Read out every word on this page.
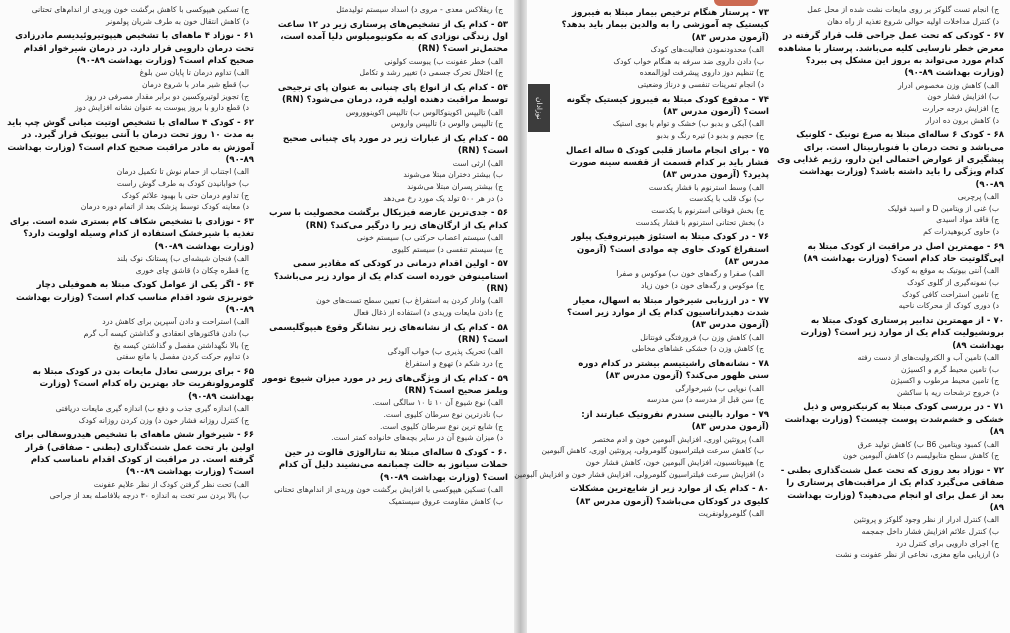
ج) ریفلاکس معدی - مروی د) اسداد سیستم تولیدمثل
۵۳ - کدام یک از تشخیص‌های پرستاری زیر در ۱۲ ساعت اول زندگی نوزادی که به مکونیومیلوس دلیا آمده است، محتمل‌تر است؟ (RN)
الف) خطر عفونت ب) یبوست کولونی
ج) اختلال تحرک جسمی د) تغییر رشد و تکامل
۵۴ - کدام یک از انواع پای چنبانی به عنوان پای ترجیحی توسط مراقبت دهنده اولیه فرد، درمان می‌شود؟ (RN)
الف) تالیپس اکوینوکالوس ب) تالیپس اکوینووروس
ج) تالیپس والوس د) تالیپس واروس
۵۵ - کدام یک از عبارات زیر در مورد پای چنبانی صحیح است؟ (RN)
الف) ارثی است
ب) بیشتر دختران مبتلا می‌شوند
ج) بیشتر پسران مبتلا می‌شوند
د) در هر ۵۰۰ تولد یک مورد رخ می‌دهد
۵۶ - جدی‌ترین عارضه فیزیکال برگشت محصولیت با سرب کدام یک از ارگان‌های زیر را درگیر می‌کند؟ (RN)
الف) سیستم اعصاب حرکتی ب) سیستم خونی
ج) سیستم تنفسی د) سیستم کلیوی
۵۷ - اولین اقدام درمانی در کودکی که مقادیر سمی استامینوفن خورده است کدام یک از موارد زیر می‌باشد؟ (RN)
الف) وادار کردن به استفراغ ب) تعیین سطح تست‌های خون
ج) دادن مایعات وریدی د) استفاده از ذغال فعال
۵۸ - کدام یک از نشانه‌های زیر نشانگر وقوع هیپوگلیسمی است؟ (RN)
الف) تحریک پذیری ب) خواب آلودگی
ج) درد شکم د) تهوع و استفراغ
۵۹ - کدام یک از ویژگی‌های زیر در مورد میزان شیوع تومور ویلمز صحیح است؟ (RN)
الف) نوع شیوع آن ۱۰ تا ۱۰ سالگی است.
ب) نادرترین نوع سرطان کلیوی است.
ج) شایع ترین نوع سرطان کلیوی است.
د) میزان شیوع آن در سایر بچه‌های خانواده کمتر است.
۶۰ - کودک ۵ ساله‌ای مبتلا به تتارالوژی فالوت در حین حملات سیانوز به حالت چمباتمه می‌نشیند دلیل آن کدام است؟ (وزارت بهداشت ۸۹-۹۰)
الف) تسکین هیپوکسی با افزایش برگشت خون وریدی از اندام‌های تحتانی
ب) کاهش مقاومت عروق سیستمیک
ج) تسکین هیپوکسی با کاهش برگشت خون وریدی از اندام‌های تحتانی
د) کاهش انتقال خون به طرف شریان پولمونر
۶۱ - نوزاد ۴ ماهه‌ای با تشخیص هیپوتیروئیدیسم مادرزادی تحت درمان دارویی قرار دارد. در درمان شیرخوار اقدام صحیح کدام است؟ (وزارت بهداشت ۸۹-۹۰)
الف) تداوم درمان تا پایان سن بلوغ
ب) قطع شیر مادر با شروع درمان
ج) تجویز لوتیروکسین دو برابر مقدار مصرفی در روز
د) قطع دارو با بروز یبوست به عنوان نشانه افزایش دوز
۶۲ - کودک ۴ ساله‌ای با تشخیص اوتیت میانی گوش چپ باید به مدت ۱۰ روز تحت درمان با آنتی بیوتیک قرار گیرد. در آموزش به مادر مراقبت صحیح کدام است؟ (وزارت بهداشت ۸۹-۹۰)
الف) اجتناب از حمام نوش تا تکمیل درمان
ب) خوابانیدن کودک به طرف گوش راست
ج) تداوم درمان حتی با بهبود علائم کودک
د) معاینه کودک توسط پزشک بعد از اتمام دوره درمان
۶۳ - نوزادی با تشخیص شکاف کام بستری شده است. برای تغذیه با شیرخشک استفاده از کدام وسیله اولویت دارد؟ (وزارت بهداشت ۸۹-۹۰)
الف) فنجان شیشه‌ای ب) پستانک نوک بلند
ج) قطره چکان د) قاشق چای خوری
۶۴ - اگر یکی از عوامل کودک مبتلا به هموفیلی دچار خونریزی شود اقدام مناسب کدام است؟ (وزارت بهداشت ۸۹-۹۰)
الف) استراحت و دادن آسپرین برای کاهش درد
ب) دادن فاکتورهای انعقادی و گذاشتن کیسه آب گرم
ج) بالا نگهداشتن مفصل و گذاشتن کیسه یخ
د) تداوم حرکت کردن مفصل با مانع سفتی
۶۵ - برای بررسی تعادل مایعات بدن در کودک مبتلا به گلومرولونفریت حاد بهترین راه کدام است؟ (وزارت بهداشت ۸۹-۹۰)
الف) اندازه گیری جذب و دفع ب) اندازه گیری مایعات دریافتی
ج) کنترل روزانه فشار خون د) وزن کردن روزانه کودک
۶۶ - شیرخوار شش ماهه‌ای با تشخیص هیدروسفالی برای اولین بار تحت عمل شنت‌گذاری (بطنی - صفاقی) قرار گرفته است. در مراقبت از کودک اقدام نامناسب کدام است؟ (وزارت بهداشت ۸۹-۹۰)
الف) تحت نظر گرفتن کودک از نظر علایم عفونت
ب) بالا بردن سر تخت به اندازه ۳۰ درجه بلافاصله بعد از جراحی
ج) انجام تست گلوکز بر روی مایعات نشت شده از محل عمل
د) کنترل مداخلات اولیه حوالی شروع تغذیه از راه دهان
۶۷ - کودکی که تحت عمل جراحی قلب قرار گرفته در معرض خطر نارسایی کلیه می‌باشد. پرستار با مشاهده کدام مورد می‌تواند به بروز این مشکل پی ببرد؟ (وزارت بهداشت ۸۹-۹۰)
الف) کاهش وزن مخصوص ادرار
ب) افزایش فشار خون
ج) افزایش درجه حرارت
د) کاهش برون ده ادرار
۶۸ - کودک ۶ ساله‌ای مبتلا به صرع تونیک - کلونیک می‌باشد و تحت درمان با فنوباربیتال است. برای پیشگیری از عوارض احتمالی این دارو، رژیم غذایی وی کدام ویژگی را باید داشته باشد؟ (وزارت بهداشت ۸۹-۹۰)
الف) پرچربی
ب) غنی از ویتامین D و اسید فولیک
ج) فاقد مواد اسیدی
د) حاوی کربوهیدرات کم
۶۹ - مهمترین اصل در مراقبت از کودک مبتلا به اپی‌گلوتیت حاد کدام است؟ (وزارت بهداشت ۸۹)
الف) آنتی بیوتیک به موقع به کودک
ب) نمونه‌گیری از گلوی کودک
ج) تامین استراحت کافی کودک
د) دوری کودک از محرکات ناحیه
۷۰ - از مهمترین تدابیر پرستاری کودک مبتلا به برونشیولیت کدام یک از موارد زیر است؟ (وزارت بهداشت ۸۹)
الف) تامین آب و الکترولیت‌های از دست رفته
ب) تامین محیط گرم و اکسیژن
ج) تامین محیط مرطوب و اکسیژن
د) خروج ترشحات ریه با ساکشن
۷۱ - در بررسی کودک مبتلا به کرنیکتروس و ذیل خشکی و خشم‌شدت پوست چیست؟ (وزارت بهداشت ۸۹)
الف) کمبود ویتامین B6 ب) کاهش تولید عرق
ج) کاهش سطح متابولیسم د) کاهش آلبومین خون
۷۲ - نوزاد بعد روزی که تحت عمل شنت‌گذاری بطنی - صفاقی می‌گیرد کدام یک از مراقبت‌های پرستاری را بعد از عمل برای او انجام می‌دهید؟ (وزارت بهداشت ۸۹)
الف) کنترل ادرار از نظر وجود گلوکز و پروتئین
ب) کنترل علائم افزایش فشار داخل جمجمه
ج) اجرای دارویی برای کنترل درد
د) ارزیابی مانع مغزی، نخاعی از نظر عفونت و نشت
۷۳ - پرستار هنگام ترخیص بیمار مبتلا به فیبروز کیستیک چه آموزشی را به والدین بیمار باید بدهد؟ (آزمون مدرس ۸۳)
الف) محدودنمودن فعالیت‌های کودک
ب) دادن داروی ضد سرفه به هنگام خواب کودک
ج) تنظیم دوز داروی پیشرفت لوزالمعده
د) انجام تمرینات تنفسی و درناژ وضعیتی
۷۴ - مدفوع کودک مبتلا به فیبروز کیستیک چگونه است؟ (آزمون مدرس ۸۳)
الف) آبکی و بدبو ب) خشک و توام با بوی استیک
ج) حجیم و بدبو د) تیره رنگ و بدبو
۷۵ - برای انجام ماساژ قلبی کودک ۵ ساله اعمال فشار باید بر کدام قسمت از قفسه سینه صورت پذیرد؟ (آزمون مدرس ۸۳)
الف) وسط استرنوم با فشار یکدست
ب) نوک قلب با یکدست
ج) بخش فوقانی استرنوم با یکدست
د) بخش تحتانی استرنوم با فشار یکدست
۷۶ - در کودک مبتلا به استئوژ هیپرتروفیک پیلور استفراغ کودک حاوی چه موادی است؟ (آزمون مدرس ۸۳)
الف) صفرا و رگه‌های خون ب) موکوس و صفرا
ج) موکوس و رگه‌های خون د) خون زیاد
۷۷ - در ارزیابی شیرخوار مبتلا به اسهال، معیار شدت دهیدراتاسیون کدام یک از موارد زیر است؟ (آزمون مدرس ۸۳)
الف) کاهش وزن ب) فرورفتگی فونتانل
ج) کاهش وزن د) خشکی غشاهای مخاطی
۷۸ - نشانه‌های راشیتیسم بیشتر در کدام دوره سنی ظهور می‌کند؟ (آزمون مدرس ۸۳)
الف) نوپایی ب) شیرخوارگی
ج) سن قبل از مدرسه د) سن مدرسه
۷۹ - موارد بالینی سندرم نفروتیک عبارتند از: (آزمون مدرس ۸۳)
الف) پروتئین اوری، افزایش آلبومین خون و ادم مختصر
ب) کاهش سرعت فیلتراسیون گلومرولی، پروتئین اوری، کاهش آلبومین
ج) هیپوتانسیون، افزایش آلبومین خون، کاهش فشار خون
د) افزایش سرعت فیلتراسیون گلومرولی، افزایش فشار خون و افزایش آلبومین
۸۰ - کدام یک از موارد زیر از شایع‌ترین مشکلات کلیوی در کودکان می‌باشد؟ (آزمون مدرس ۸۳)
الف) گلومرولونفریت
نوزادان
